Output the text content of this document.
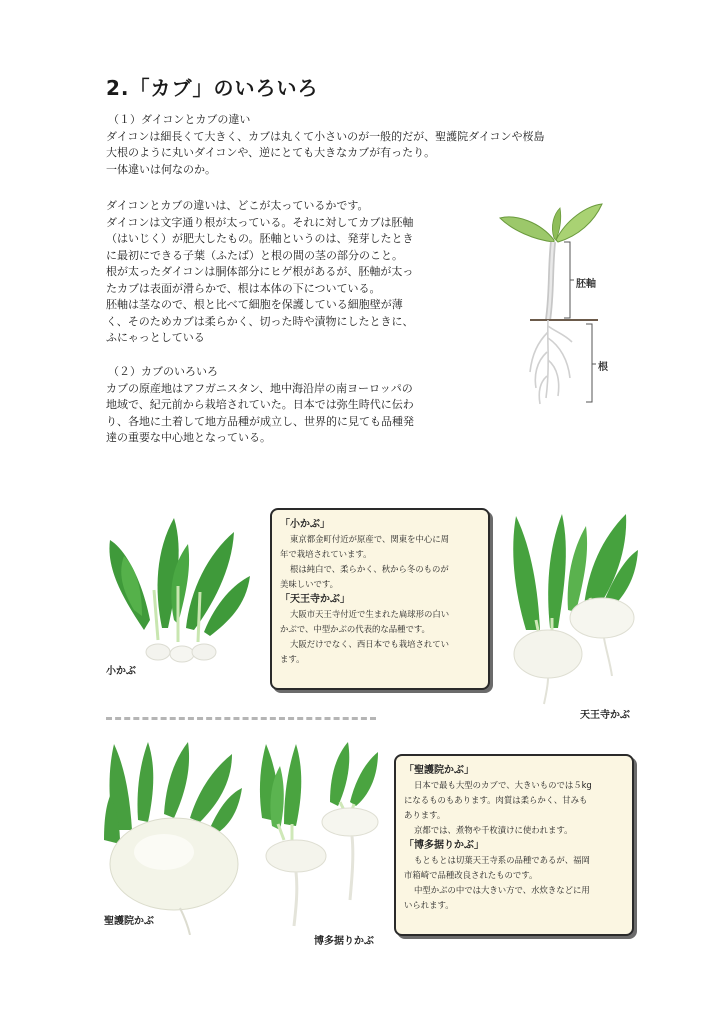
2.「カブ」のいろいろ
（１）ダイコンとカブの違い
ダイコンは細長くて大きく、カブは丸くて小さいのが一般的だが、聖護院ダイコンや桜島
大根のように丸いダイコンや、逆にとても大きなカブが有ったり。
一体違いは何なのか。
ダイコンとカブの違いは、どこが太っているかです。
ダイコンは文字通り根が太っている。それに対してカブは胚軸
（はいじく）が肥大したもの。胚軸というのは、発芽したとき
に最初にできる子葉（ふたば）と根の間の茎の部分のこと。
根が太ったダイコンは胴体部分にヒゲ根があるが、胚軸が太っ
たカブは表面が滑らかで、根は本体の下についている。
胚軸は茎なので、根と比べて細胞を保護している細胞壁が薄
く、そのためカブは柔らかく、切った時や漬物にしたときに、
ふにゃっとしている
（２）カブのいろいろ
カブの原産地はアフガニスタン、地中海沿岸の南ヨーロッパの
地域で、紀元前から栽培されていた。日本では弥生時代に伝わ
り、各地に土着して地方品種が成立し、世界的に見ても品種発
達の重要な中心地となっている。
胚軸
根
小かぶ
「小かぶ」
東京都金町付近が原産で、関東を中心に周
年で栽培されています。
根は純白で、柔らかく、秋から冬のものが
美味しいです。
「天王寺かぶ」
大阪市天王寺付近で生まれた扁球形の白い
かぶで、中型かぶの代表的な品種です。
大阪だけでなく、西日本でも栽培されてい
ます。
天王寺かぶ
聖護院かぶ
博多据りかぶ
「聖護院かぶ」
日本で最も大型のカブで、大きいものでは５kg
になるものもあります。肉質は柔らかく、甘みも
あります。
京都では、煮物や千枚漬けに使われます。
「博多据りかぶ」
もともとは切葉天王寺系の品種であるが、福岡
市箱崎で品種改良されたものです。
中型かぶの中では大きい方で、水炊きなどに用
いられます。
